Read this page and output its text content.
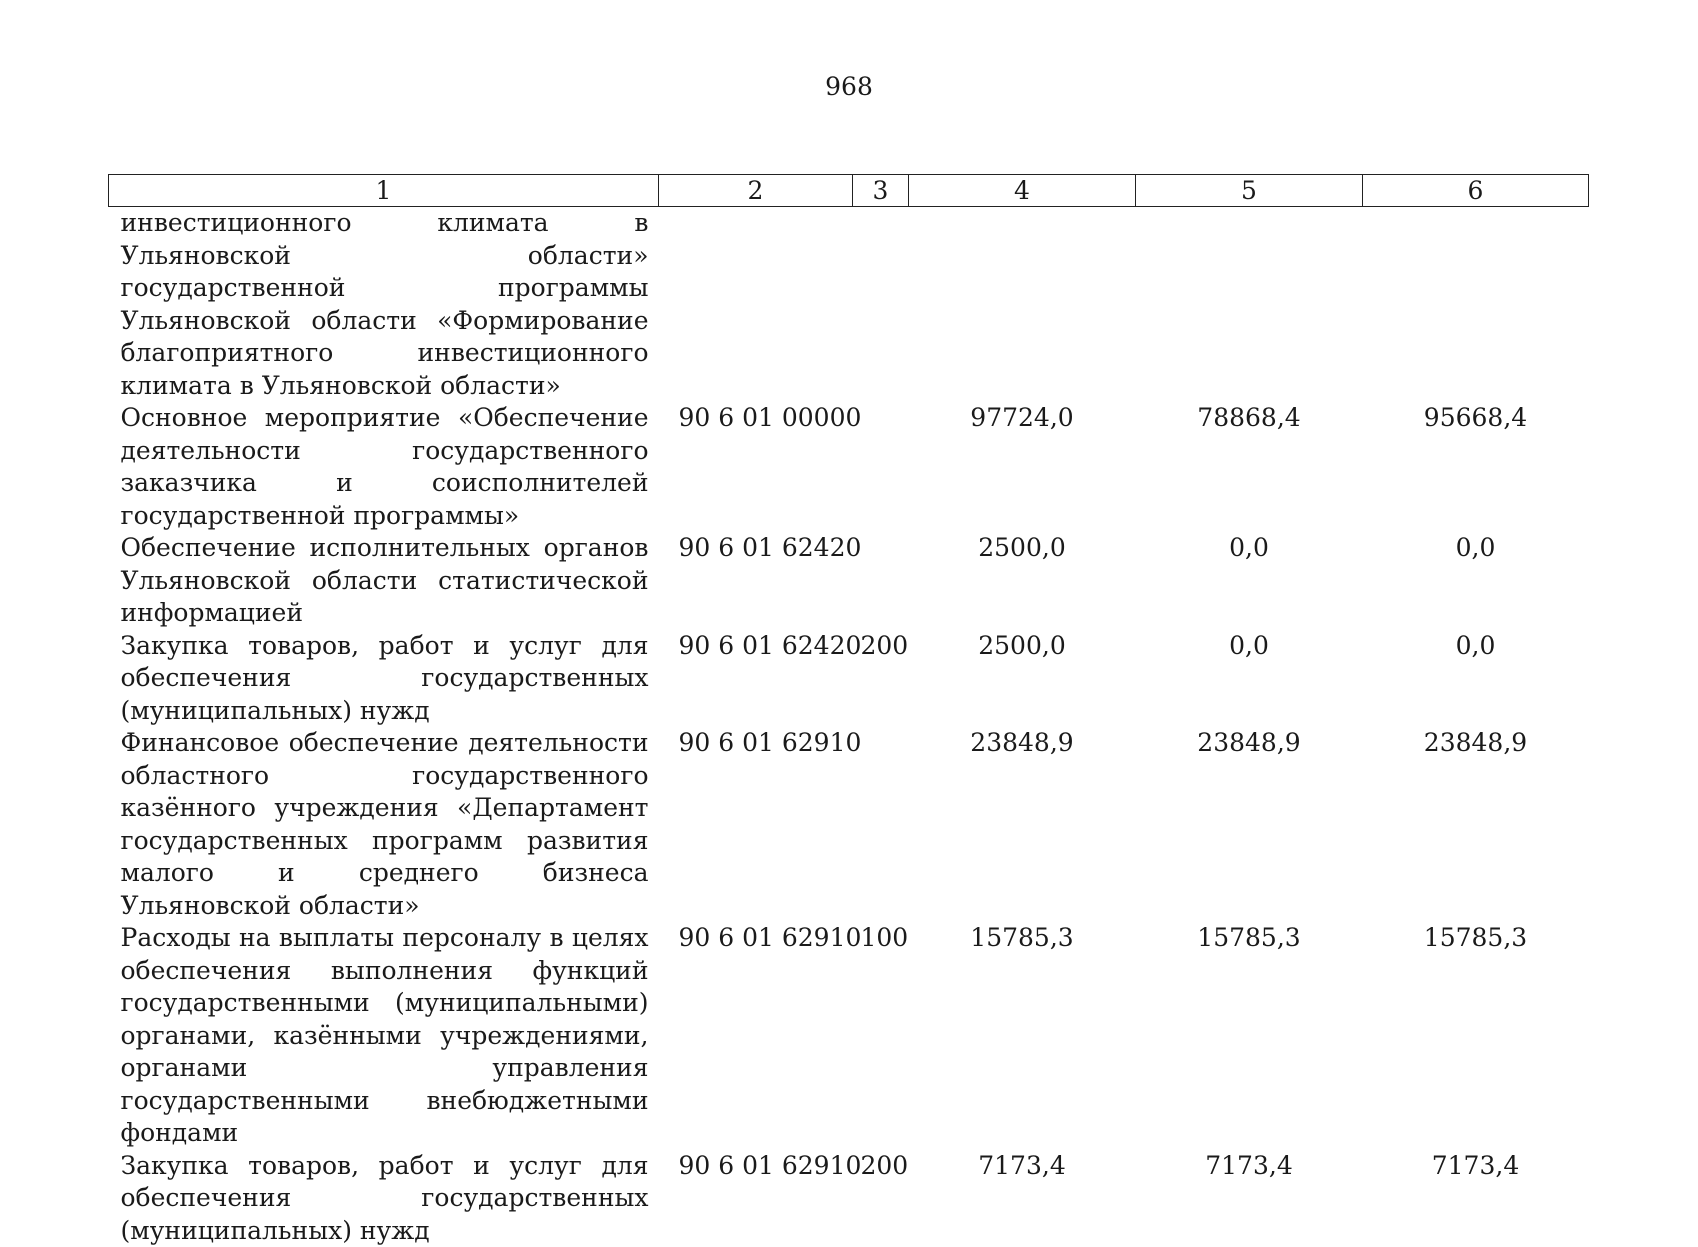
968
1	2	3	4	5	6
инвестиционного климата в Ульяновской области» государственной программы Ульяновской области «Формирование благоприятного инвестиционного климата в Ульяновской области»					
Основное мероприятие «Обеспечение деятельности государственного заказчика и соисполнителей государственной программы»	90 6 01 00000		97724,0	78868,4	95668,4
Обеспечение исполнительных органов Ульяновской области статистической информацией	90 6 01 62420		2500,0	0,0	0,0
Закупка товаров, работ и услуг для обеспечения государственных (муниципальных) нужд	90 6 01 62420	200	2500,0	0,0	0,0
Финансовое обеспечение деятельности областного государственного казённого учреждения «Департамент государственных программ развития малого и среднего бизнеса Ульяновской области»	90 6 01 62910		23848,9	23848,9	23848,9
Расходы на выплаты персоналу в целях обеспечения выполнения функций государственными (муниципальными) органами, казёнными учреждениями, органами управления государственными внебюджетными фондами	90 6 01 62910	100	15785,3	15785,3	15785,3
Закупка товаров, работ и услуг для обеспечения государственных (муниципальных) нужд	90 6 01 62910	200	7173,4	7173,4	7173,4
